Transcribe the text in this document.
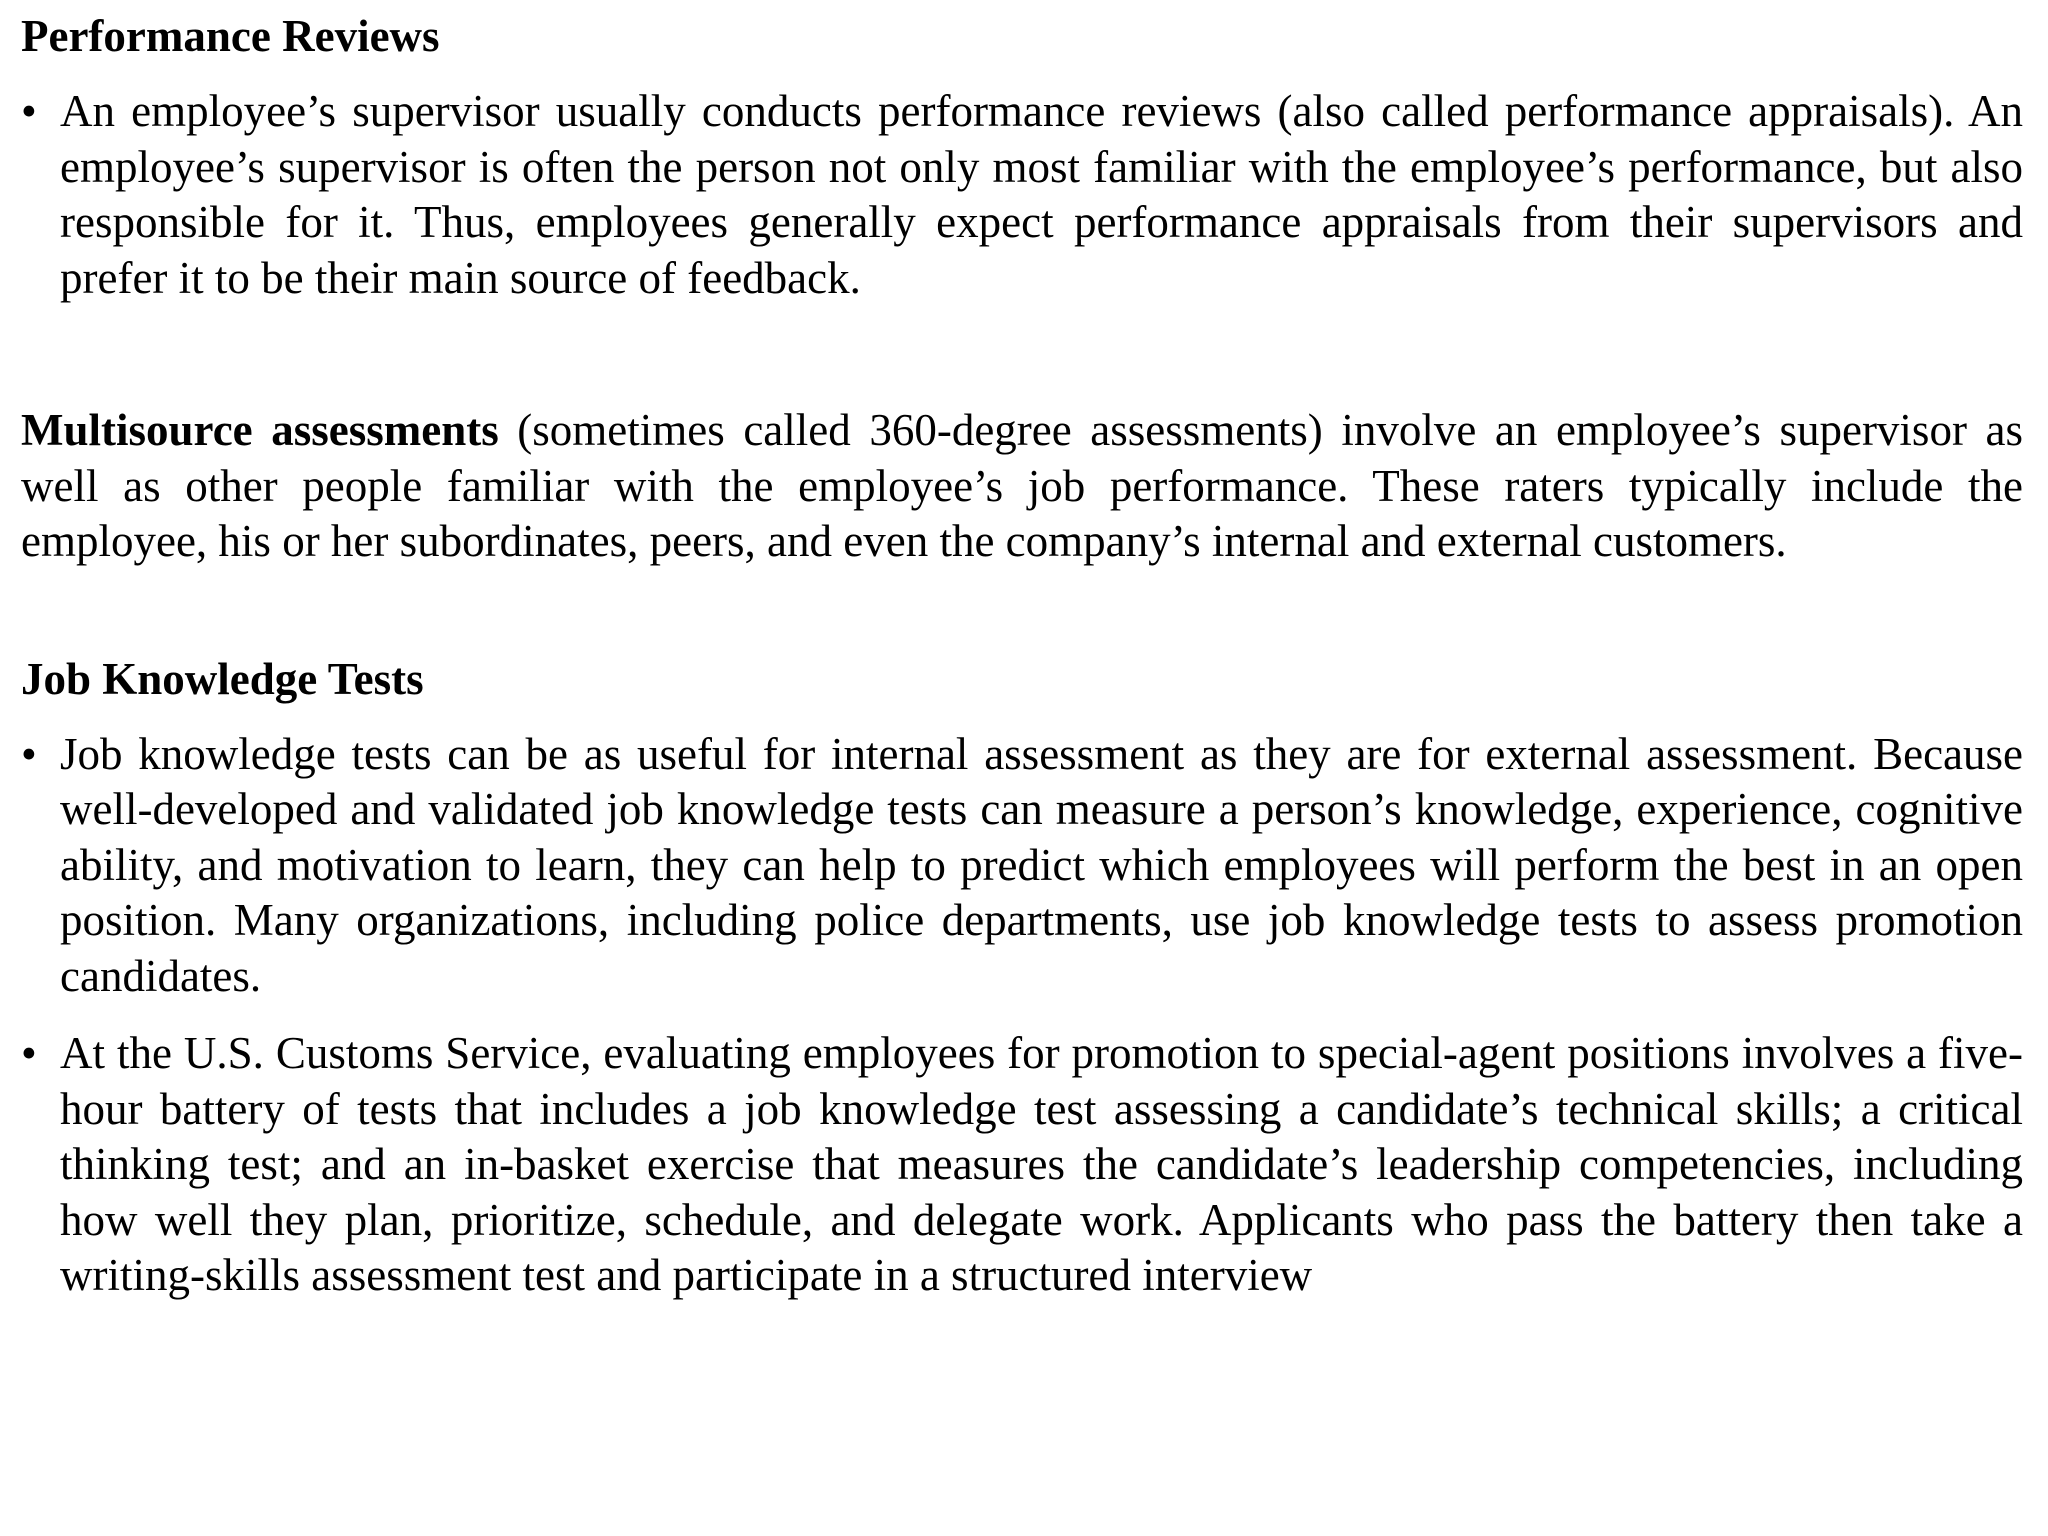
Performance Reviews
• An employee’s supervisor usually conducts performance reviews (also called performance appraisals). An employee’s supervisor is often the person not only most familiar with the employee’s performance, but also responsible for it. Thus, employees generally expect performance appraisals from their supervisors and prefer it to be their main source of feedback.

Multisource assessments (sometimes called 360-degree assessments) involve an employee’s supervisor as well as other people familiar with the employee’s job performance. These raters typically include the employee, his or her subordinates, peers, and even the company’s internal and external customers.

Job Knowledge Tests
• Job knowledge tests can be as useful for internal assessment as they are for external assessment. Because well-developed and validated job knowledge tests can measure a person’s knowledge, experience, cognitive ability, and motivation to learn, they can help to predict which employees will perform the best in an open position. Many organizations, including police departments, use job knowledge tests to assess promotion candidates.
• At the U.S. Customs Service, evaluating employees for promotion to special-agent positions involves a five-hour battery of tests that includes a job knowledge test assessing a candidate’s technical skills; a critical thinking test; and an in-basket exercise that measures the candidate’s leadership competencies, including how well they plan, prioritize, schedule, and delegate work. Applicants who pass the battery then take a writing-skills assessment test and participate in a structured interview
